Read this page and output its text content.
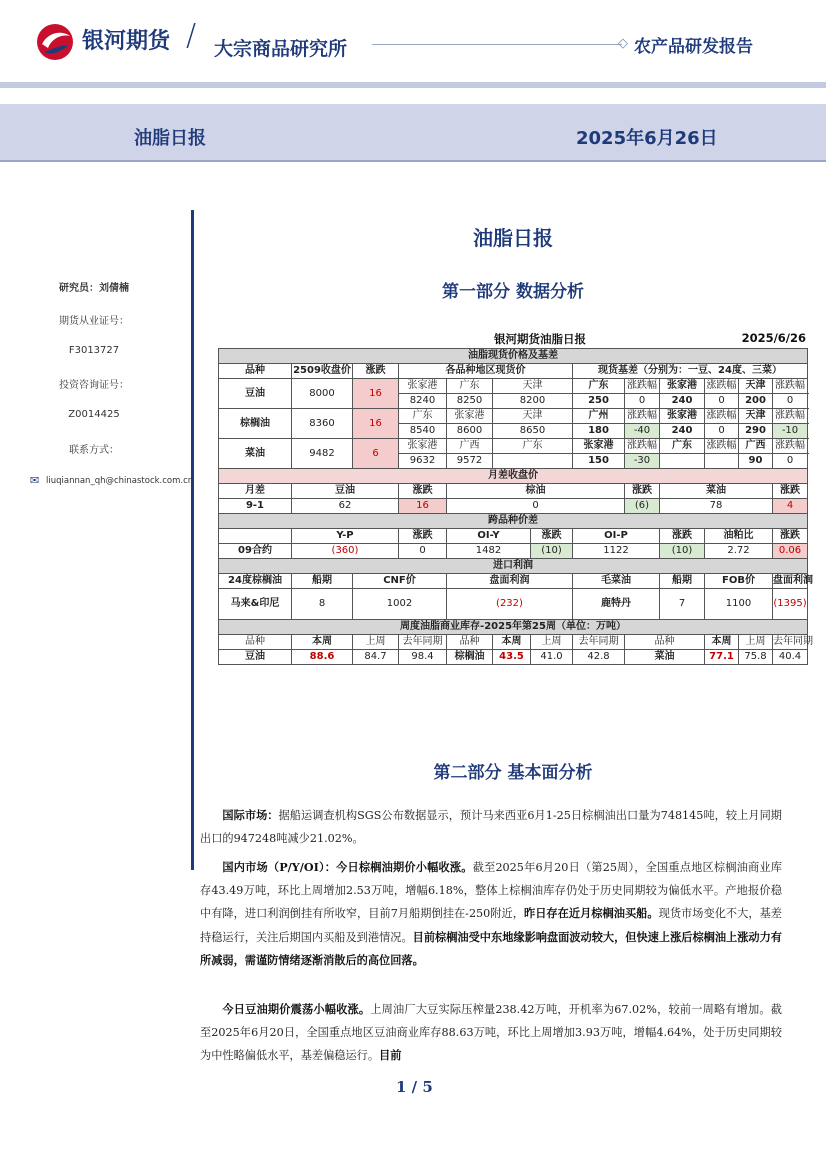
银河期货 / 大宗商品研究所	◇ 农产品研发报告
油脂日报	2025年6月26日
研究员：刘倩楠
期货从业证号：
F3013727
投资咨询证号：
Z0014425
联系方式：
✉ liuqiannan_qh@chinastock.com.cn
油脂日报
第一部分 数据分析
银河期货油脂日报	2025/6/26
油脂现货价格及基差												
品种	2509收盘价	涨跌	各品种地区现货价				现货基差（分别为：一豆、24度、三菜）					
豆油	8000	16	张家港	广东	天津		广东	涨跌幅	张家港	涨跌幅	天津	涨跌幅
			8240	8250	8200		250	0	240	0	200	0
棕榈油	8360	16	广东	张家港	天津		广州	涨跌幅	张家港	涨跌幅	天津	涨跌幅
			8540	8600	8650		180	-40	240	0	290	-10
菜油	9482	6	张家港	广西	广东		张家港	涨跌幅	广东	涨跌幅	广西	涨跌幅
			9632	9572			150	-30			90	0
月差收盘价												
月差	豆油		涨跌	棕油				涨跌	菜油			涨跌
9-1	62		16	0				(6)	78			4
跨品种价差												
	Y-P		涨跌	OI-Y		涨跌	OI-P		涨跌	油粕比		涨跌
09合约	(360)		0	1482		(10)	1122		(10)	2.72		0.06
进口利润												
24度棕榈油	船期	CNF价		盘面利润			毛菜油		船期	FOB价		盘面利润
马来&印尼	8	1002		(232)			鹿特丹		7	1100		(1395)
周度油脂商业库存-2025年第25周（单位：万吨）												
品种	本周	上周	去年同期	品种	本周	上周	去年同期	品种		本周	上周	去年同期
豆油	88.6	84.7	98.4	棕榈油	43.5	41.0	42.8	菜油		77.1	75.8	40.4
第二部分 基本面分析
国际市场：据船运调查机构SGS公布数据显示，预计马来西亚6月1-25日棕榈油出口量为748145吨，较上月同期出口的947248吨减少21.02%。
国内市场（P/Y/OI）：今日棕榈油期价小幅收涨。截至2025年6月20日（第25周），全国重点地区棕榈油商业库存43.49万吨，环比上周增加2.53万吨，增幅6.18%，整体上棕榈油库存仍处于历史同期较为偏低水平。产地报价稳中有降，进口利润倒挂有所收窄，目前7月船期倒挂在-250附近，昨日存在近月棕榈油买船。现货市场变化不大，基差持稳运行，关注后期国内买船及到港情况。目前棕榈油受中东地缘影响盘面波动较大，但快速上涨后棕榈油上涨动力有所减弱，需谨防情绪逐渐消散后的高位回落。
今日豆油期价震荡小幅收涨。上周油厂大豆实际压榨量238.42万吨，开机率为67.02%，较前一周略有增加。截至2025年6月20日，全国重点地区豆油商业库存88.63万吨，环比上周增加3.93万吨，增幅4.64%，处于历史同期较为中性略偏低水平，基差偏稳运行。目前
1 / 5
